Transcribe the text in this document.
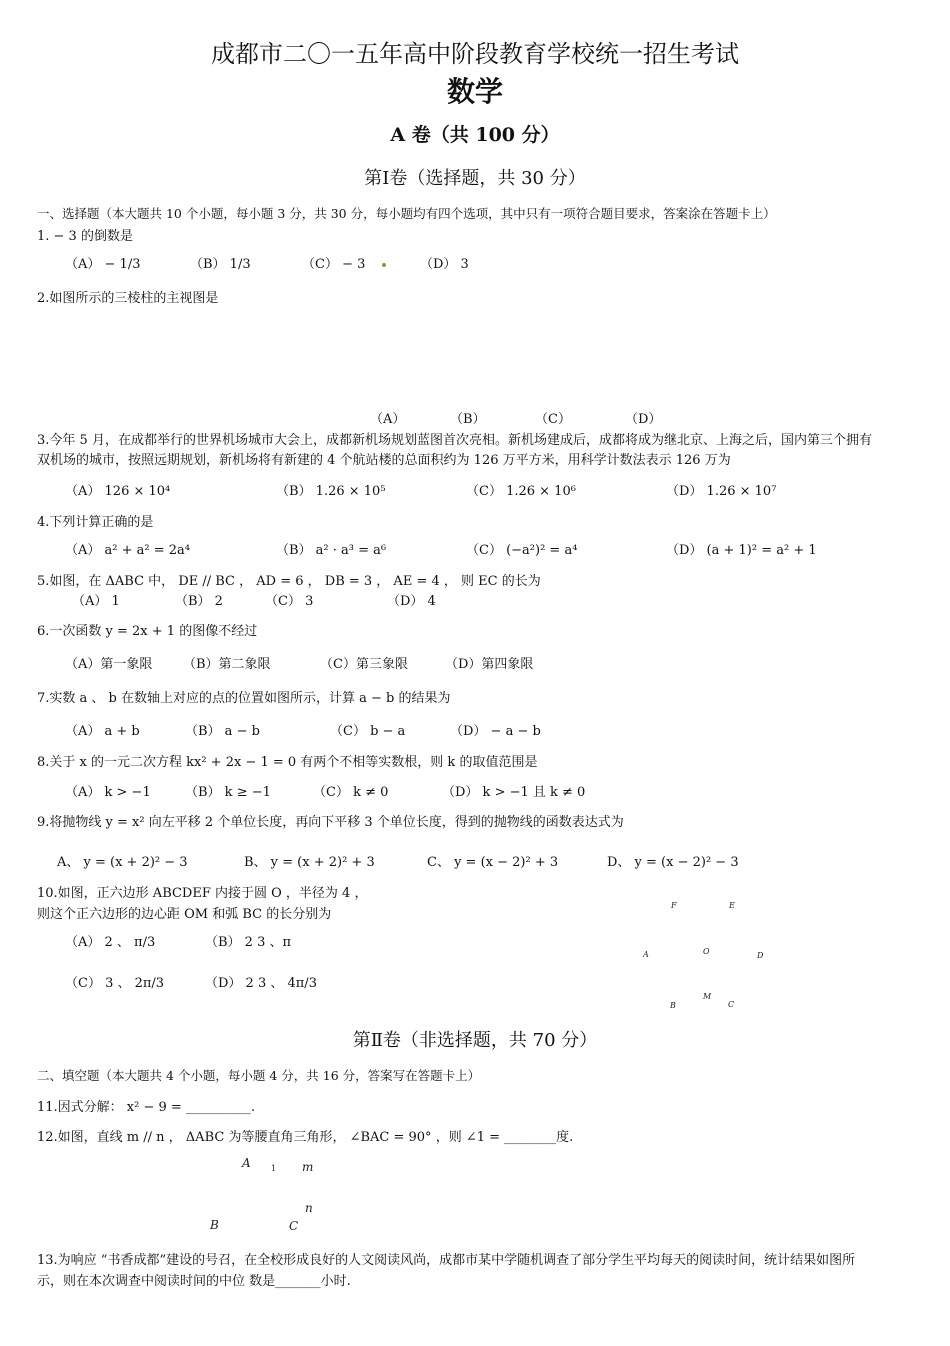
成都市二〇一五年高中阶段教育学校统一招生考试
数学
A 卷（共 100 分）
第Ⅰ卷（选择题，共 30 分）
一、选择题（本大题共 10 个小题，每小题 3 分，共 30 分，每小题均有四个选项，其中只有一项符合题目要求，答案涂在答题卡上）
1. − 3 的倒数是
（A） − 1/3	（B） 1/3	（C） − 3	（D） 3
2.如图所示的三棱柱的主视图是
（A）	（B）	（C）	（D）
3.今年 5 月，在成都举行的世界机场城市大会上，成都新机场规划蓝图首次亮相。新机场建成后，成都将成为继北京、上海之后，国内第三个拥有
双机场的城市，按照远期规划，新机场将有新建的 4 个航站楼的总面积约为 126 万平方米，用科学计数法表示 126 万为
（A） 126 × 10⁴	（B） 1.26 × 10⁵	（C） 1.26 × 10⁶	（D） 1.26 × 10⁷
4.下列计算正确的是
（A） a² + a² = 2a⁴	（B） a² · a³ = a⁶	（C） (−a²)² = a⁴	（D） (a + 1)² = a² + 1
5.如图，在 ΔABC 中， DE // BC ， AD = 6 ， DB = 3 ， AE = 4 ， 则 EC 的长为
（A） 1	（B） 2	（C） 3	（D） 4
6.一次函数 y = 2x + 1 的图像不经过
（A）第一象限 （B）第二象限	（C）第三象限	（D）第四象限
7.实数 a 、 b 在数轴上对应的点的位置如图所示，计算 a − b 的结果为
（A） a + b	（B） a − b	（C） b − a	（D） − a − b
8.关于 x 的一元二次方程 kx² + 2x − 1 = 0 有两个不相等实数根，则 k 的取值范围是
（A） k > −1	（B） k ≥ −1	（C） k ≠ 0	（D） k > −1 且 k ≠ 0
9.将抛物线 y = x² 向左平移 2 个单位长度，再向下平移 3 个单位长度，得到的抛物线的函数表达式为
A、 y = (x + 2)² − 3	B、 y = (x + 2)² + 3	C、 y = (x − 2)² + 3	D、 y = (x − 2)² − 3
10.如图，正六边形 ABCDEF 内接于圆 O ，半径为 4 ，
则这个正六边形的边心距 OM 和弧 BC 的长分别为
（A） 2 、 π/3	（B） 2 3 、π
（C） 3 、 2π/3	（D） 2 3 、 4π/3
F	E
A	O	D
B
M
C
第Ⅱ卷（非选择题，共 70 分）
二、填空题（本大题共 4 个小题，每小题 4 分，共 16 分，答案写在答题卡上）
11.因式分解： x² − 9 = __________.
12.如图，直线 m // n ， ΔABC 为等腰直角三角形， ∠BAC = 90° ，则 ∠1 = ________度.
A	1 m
n
B	C
13.为响应 “书香成都”建设的号召，在全校形成良好的人文阅读风尚，成都市某中学随机调查了部分学生平均每天的阅读时间，统计结果如图所
示，则在本次调查中阅读时间的中位 数是_______小时.
